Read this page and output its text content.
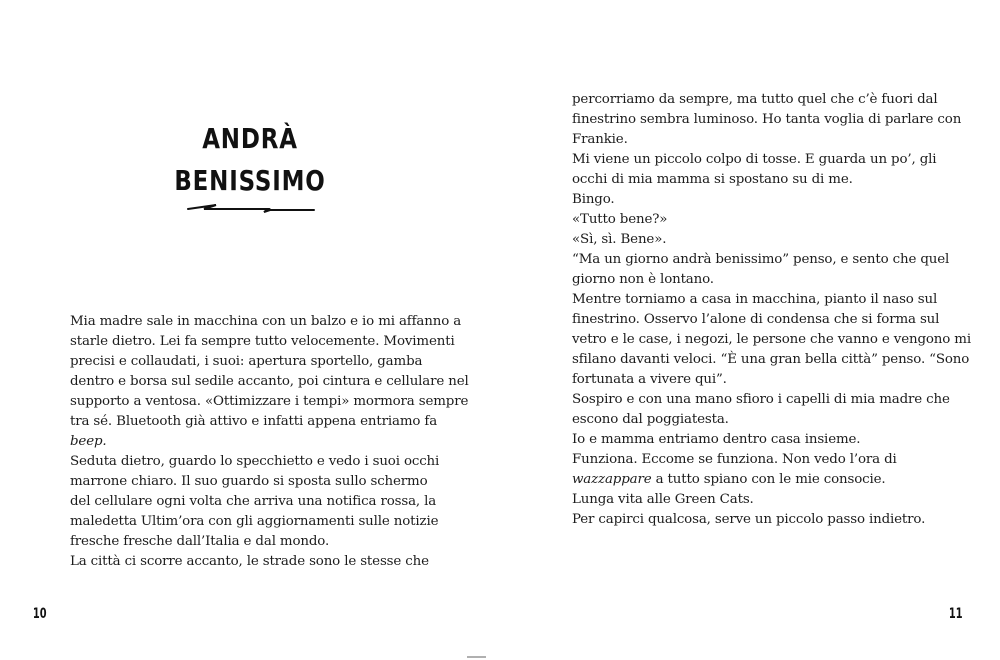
ANDRÀ
BENISSIMO
Mia madre sale in macchina con un balzo e io mi affanno a
starle dietro. Lei fa sempre tutto velocemente. Movimenti
precisi e collaudati, i suoi: apertura sportello, gamba
dentro e borsa sul sedile accanto, poi cintura e cellulare nel
supporto a ventosa. «Ottimizzare i tempi» mormora sempre
tra sé. Bluetooth già attivo e infatti appena entriamo fa
beep.
Seduta dietro, guardo lo specchietto e vedo i suoi occhi
marrone chiaro. Il suo guardo si sposta sullo schermo
del cellulare ogni volta che arriva una notifica rossa, la
maledetta Ultim’ora con gli aggiornamenti sulle notizie
fresche fresche dall’Italia e dal mondo.
La città ci scorre accanto, le strade sono le stesse che
10
percorriamo da sempre, ma tutto quel che c’è fuori dal
finestrino sembra luminoso. Ho tanta voglia di parlare con
Frankie.
Mi viene un piccolo colpo di tosse. E guarda un po’, gli
occhi di mia mamma si spostano su di me.
Bingo.
«Tutto bene?»
«Sì, sì. Bene».
“Ma un giorno andrà benissimo” penso, e sento che quel
giorno non è lontano.
Mentre torniamo a casa in macchina, pianto il naso sul
finestrino. Osservo l’alone di condensa che si forma sul
vetro e le case, i negozi, le persone che vanno e vengono mi
sfilano davanti veloci. “È una gran bella città” penso. “Sono
fortunata a vivere qui”.
Sospiro e con una mano sfioro i capelli di mia madre che
escono dal poggiatesta.
Io e mamma entriamo dentro casa insieme.
Funziona. Eccome se funziona. Non vedo l’ora di
wazzappare a tutto spiano con le mie consocie.
Lunga vita alle Green Cats.
Per capirci qualcosa, serve un piccolo passo indietro.
11
